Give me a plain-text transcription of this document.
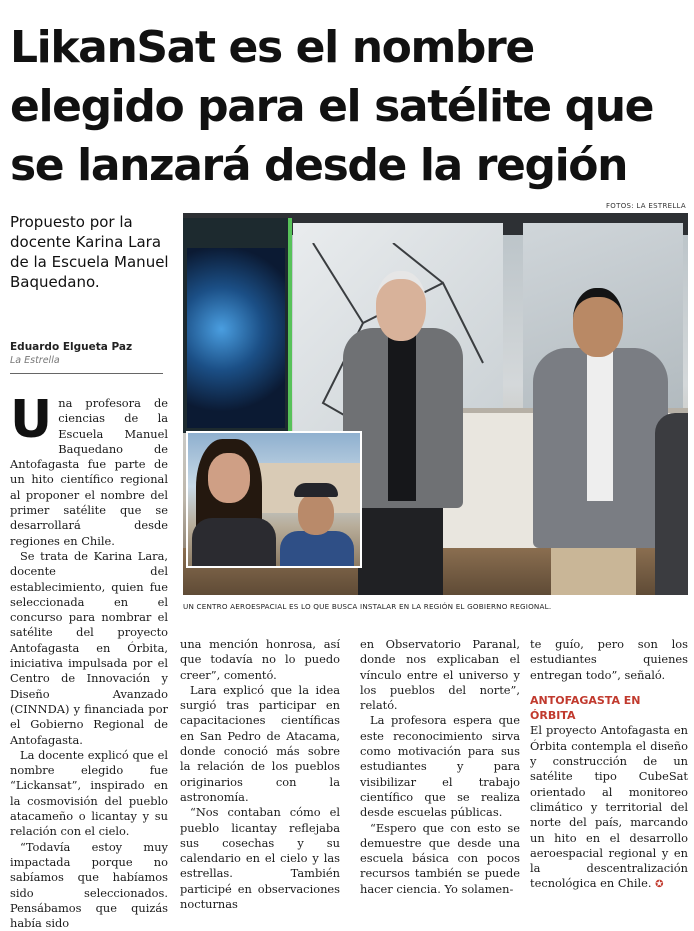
LikanSat es el nombre elegido para el satélite que se lanzará desde la región
FOTOS: LA ESTRELLA
Propuesto por la docente Karina Lara de la Escuela Manuel Baquedano.
Eduardo Elgueta Paz
La Estrella
UN CENTRO AEROESPACIAL ES LO QUE BUSCA INSTALAR EN LA REGIÓN EL GOBIERNO REGIONAL.

Una profesora de ciencias de la Escuela Manuel Baquedano de Antofagasta fue parte de un hito científico regional al proponer el nombre del primer satélite que se desarrollará desde regiones en Chile.

Se trata de Karina Lara, docente del establecimiento, quien fue seleccionada en el concurso para nombrar el satélite del proyecto Antofagasta en Órbita, iniciativa impulsada por el Centro de Innovación y Diseño Avanzado (CINNDA) y financiada por el Gobierno Regional de Antofagasta.

La docente explicó que el nombre elegido fue “Lickansat”, inspirado en la cosmovisión del pueblo atacameño o licantay y su relación con el cielo.

“Todavía estoy muy impactada porque no sabíamos que habíamos sido seleccionados. Pensábamos que quizás había sido

una mención honrosa, así que todavía no lo puedo creer”, comentó.

Lara explicó que la idea surgió tras participar en capacitaciones científicas en San Pedro de Atacama, donde conoció más sobre la relación de los pueblos originarios con la astronomía.

“Nos contaban cómo el pueblo licantay reflejaba sus cosechas y su calendario en el cielo y las estrellas. También participé en observaciones nocturnas

en Observatorio Paranal, donde nos explicaban el vínculo entre el universo y los pueblos del norte”, relató.

La profesora espera que este reconocimiento sirva como motivación para sus estudiantes y para visibilizar el trabajo científico que se realiza desde escuelas públicas.

“Espero que con esto se demuestre que desde una escuela básica con pocos recursos también se puede hacer ciencia. Yo solamen-

te guío, pero son los estudiantes quienes entregan todo”, señaló.

ANTOFAGASTA EN ÓRBITA

El proyecto Antofagasta en Órbita contempla el diseño y construcción de un satélite tipo CubeSat orientado al monitoreo climático y territorial del norte del país, marcando un hito en el desarrollo aeroespacial regional y en la descentralización tecnológica en Chile. ✪
